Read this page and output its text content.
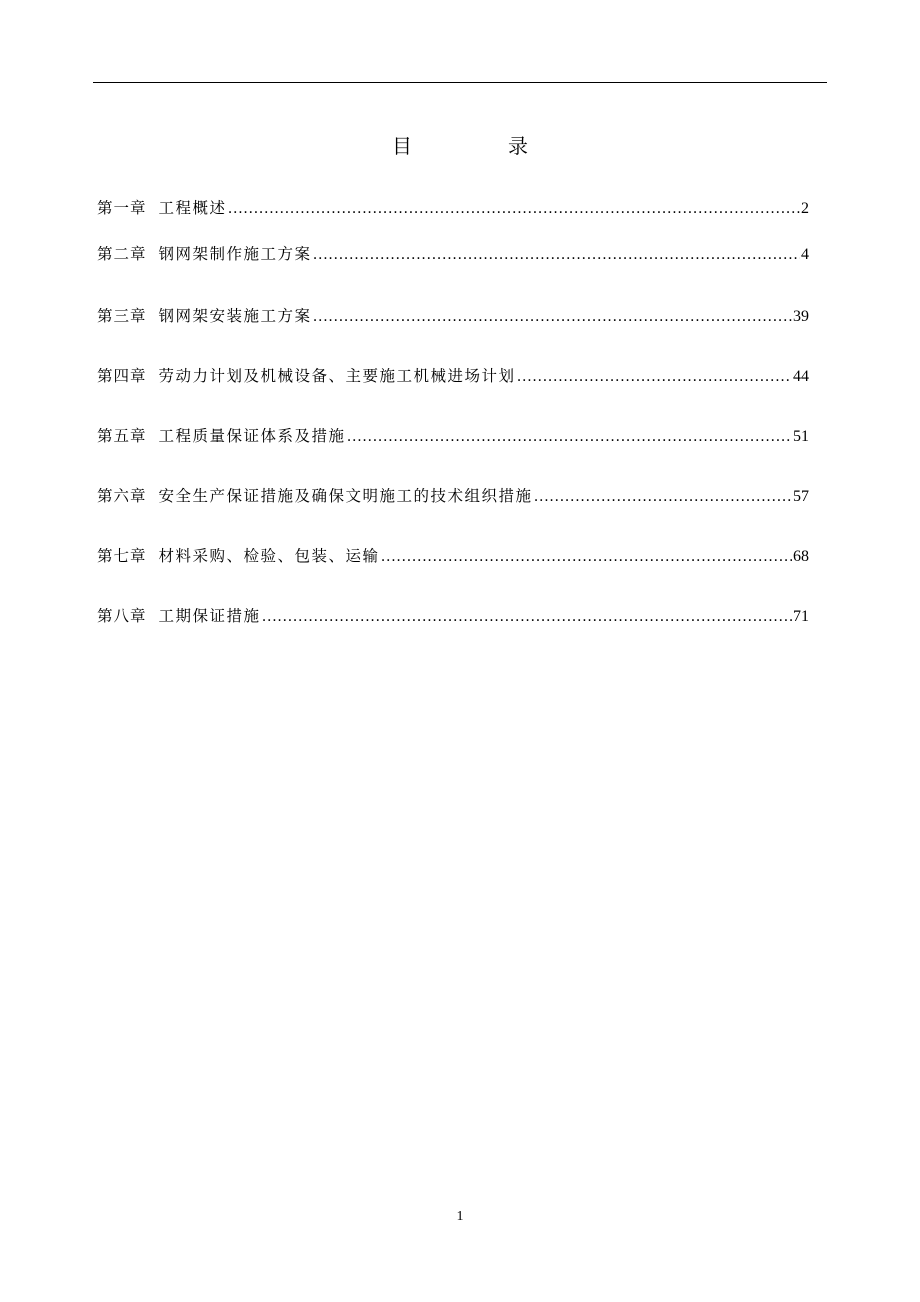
目	录
第一章 工程概述 ……………………………………………………………………………………………………………………………………………………………………………………………………………………………………	2
第二章 钢网架制作施工方案 ……………………………………………………………………………………………………………………………………………………………………………………………………………………………………	4
第三章 钢网架安装施工方案 ……………………………………………………………………………………………………………………………………………………………………………………………………………………………………	39
第四章 劳动力计划及机械设备、主要施工机械进场计划 ……………………………………………………………………………………………………………………………………………………………………………………………………………………………………	44
第五章 工程质量保证体系及措施 ……………………………………………………………………………………………………………………………………………………………………………………………………………………………………	51
第六章 安全生产保证措施及确保文明施工的技术组织措施 ……………………………………………………………………………………………………………………………………………………………………………………………………………………………………	57
第七章 材料采购、检验、包装、运输 ……………………………………………………………………………………………………………………………………………………………………………………………………………………………………	68
第八章 工期保证措施 ……………………………………………………………………………………………………………………………………………………………………………………………………………………………………	71
1
